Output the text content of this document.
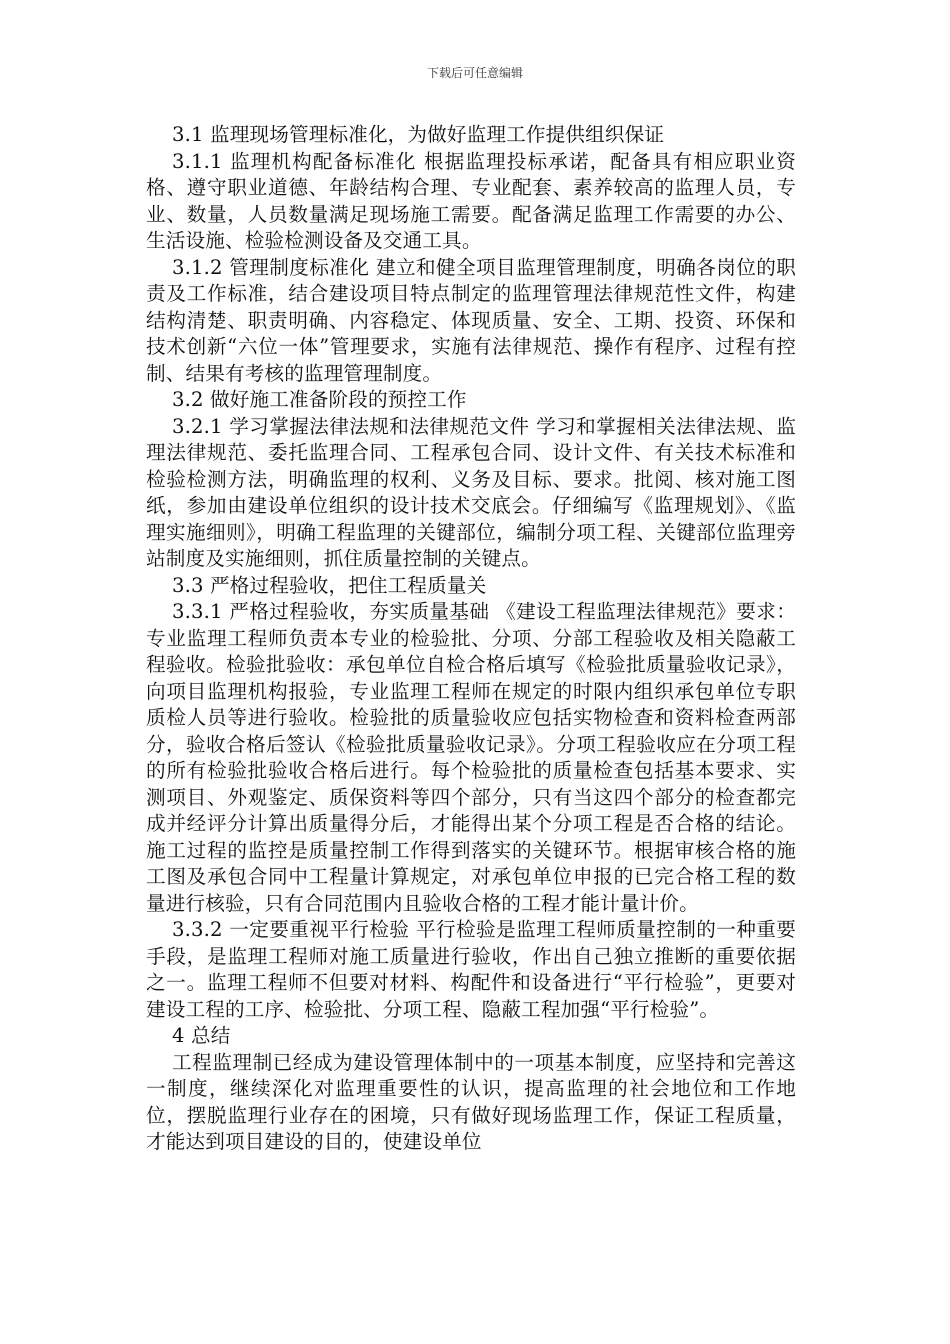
下载后可任意编辑

3.1 监理现场管理标准化，为做好监理工作提供组织保证

3.1.1 监理机构配备标准化 根据监理投标承诺，配备具有相应职业资格、遵守职业道德、年龄结构合理、专业配套、素养较高的监理人员，专业、数量，人员数量满足现场施工需要。配备满足监理工作需要的办公、生活设施、检验检测设备及交通工具。

3.1.2 管理制度标准化 建立和健全项目监理管理制度，明确各岗位的职责及工作标准，结合建设项目特点制定的监理管理法律规范性文件，构建结构清楚、职责明确、内容稳定、体现质量、安全、工期、投资、环保和技术创新“六位一体”管理要求，实施有法律规范、操作有程序、过程有控制、结果有考核的监理管理制度。

3.2 做好施工准备阶段的预控工作

3.2.1 学习掌握法律法规和法律规范文件 学习和掌握相关法律法规、监理法律规范、委托监理合同、工程承包合同、设计文件、有关技术标准和检验检测方法，明确监理的权利、义务及目标、要求。批阅、核对施工图纸，参加由建设单位组织的设计技术交底会。仔细编写《监理规划》、《监理实施细则》，明确工程监理的关键部位，编制分项工程、关键部位监理旁站制度及实施细则，抓住质量控制的关键点。

3.3 严格过程验收，把住工程质量关

3.3.1 严格过程验收，夯实质量基础 《建设工程监理法律规范》要求：专业监理工程师负责本专业的检验批、分项、分部工程验收及相关隐蔽工程验收。检验批验收：承包单位自检合格后填写《检验批质量验收记录》，向项目监理机构报验，专业监理工程师在规定的时限内组织承包单位专职质检人员等进行验收。检验批的质量验收应包括实物检查和资料检查两部分，验收合格后签认《检验批质量验收记录》。分项工程验收应在分项工程的所有检验批验收合格后进行。每个检验批的质量检查包括基本要求、实测项目、外观鉴定、质保资料等四个部分，只有当这四个部分的检查都完成并经评分计算出质量得分后，才能得出某个分项工程是否合格的结论。施工过程的监控是质量控制工作得到落实的关键环节。根据审核合格的施工图及承包合同中工程量计算规定，对承包单位申报的已完合格工程的数量进行核验，只有合同范围内且验收合格的工程才能计量计价。

3.3.2 一定要重视平行检验 平行检验是监理工程师质量控制的一种重要手段，是监理工程师对施工质量进行验收，作出自己独立推断的重要依据之一。监理工程师不但要对材料、构配件和设备进行“平行检验”，更要对建设工程的工序、检验批、分项工程、隐蔽工程加强“平行检验”。

4 总结

工程监理制已经成为建设管理体制中的一项基本制度，应坚持和完善这一制度，继续深化对监理重要性的认识，提高监理的社会地位和工作地位，摆脱监理行业存在的困境，只有做好现场监理工作，保证工程质量，才能达到项目建设的目的，使建设单位
